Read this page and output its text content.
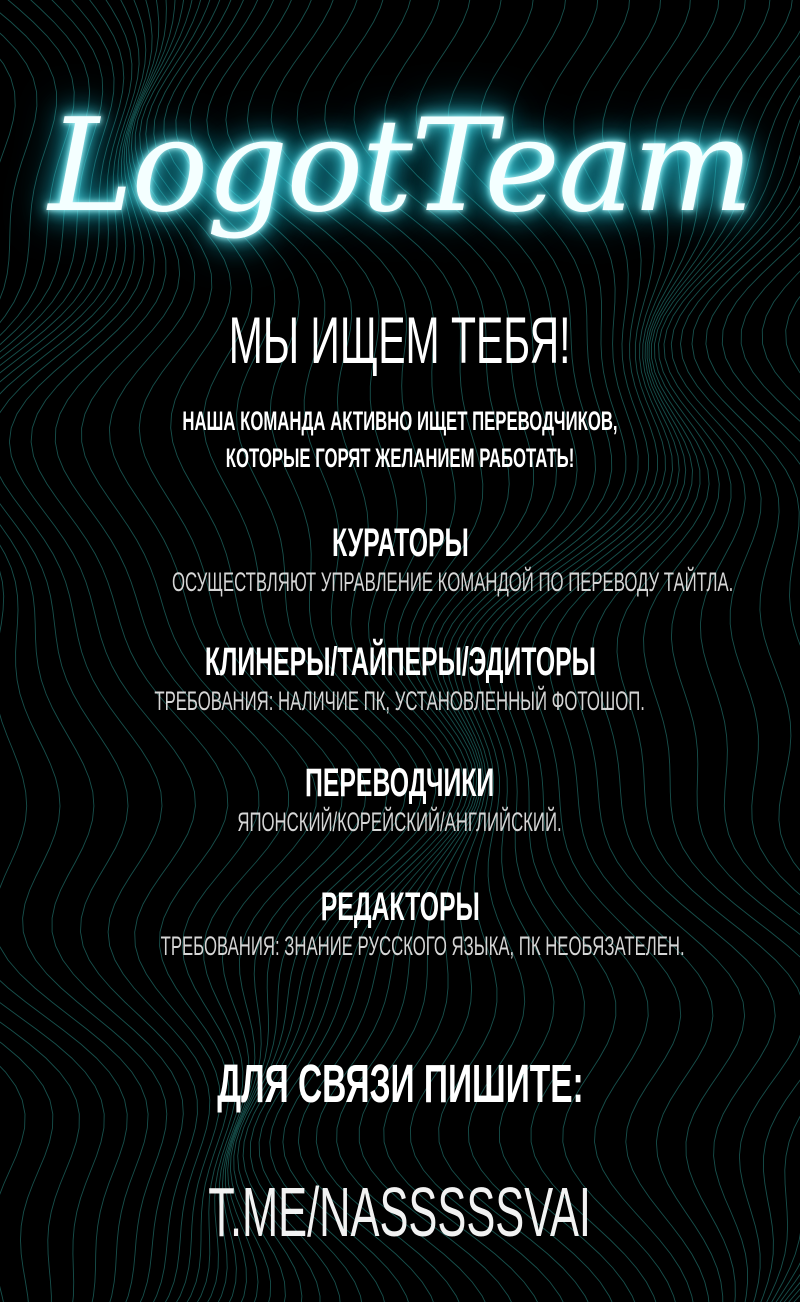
LogotTeam
МЫ ИЩЕМ ТЕБЯ!
НАША КОМАНДА АКТИВНО ИЩЕТ ПЕРЕВОДЧИКОВ,
КОТОРЫЕ ГОРЯТ ЖЕЛАНИЕМ РАБОТАТЬ!
КУРАТОРЫ
ОСУЩЕСТВЛЯЮТ УПРАВЛЕНИЕ КОМАНДОЙ ПО ПЕРЕВОДУ ТАЙТЛА.
КЛИНЕРЫ/ТАЙПЕРЫ/ЭДИТОРЫ
ТРЕБОВАНИЯ: НАЛИЧИЕ ПК, УСТАНОВЛЕННЫЙ ФОТОШОП.
ПЕРЕВОДЧИКИ
ЯПОНСКИЙ/КОРЕЙСКИЙ/АНГЛИЙСКИЙ.
РЕДАКТОРЫ
ТРЕБОВАНИЯ: ЗНАНИЕ РУССКОГО ЯЗЫКА, ПК НЕОБЯЗАТЕЛЕН.
ДЛЯ СВЯЗИ ПИШИТЕ:
T.ME/NASSSSSVAI
